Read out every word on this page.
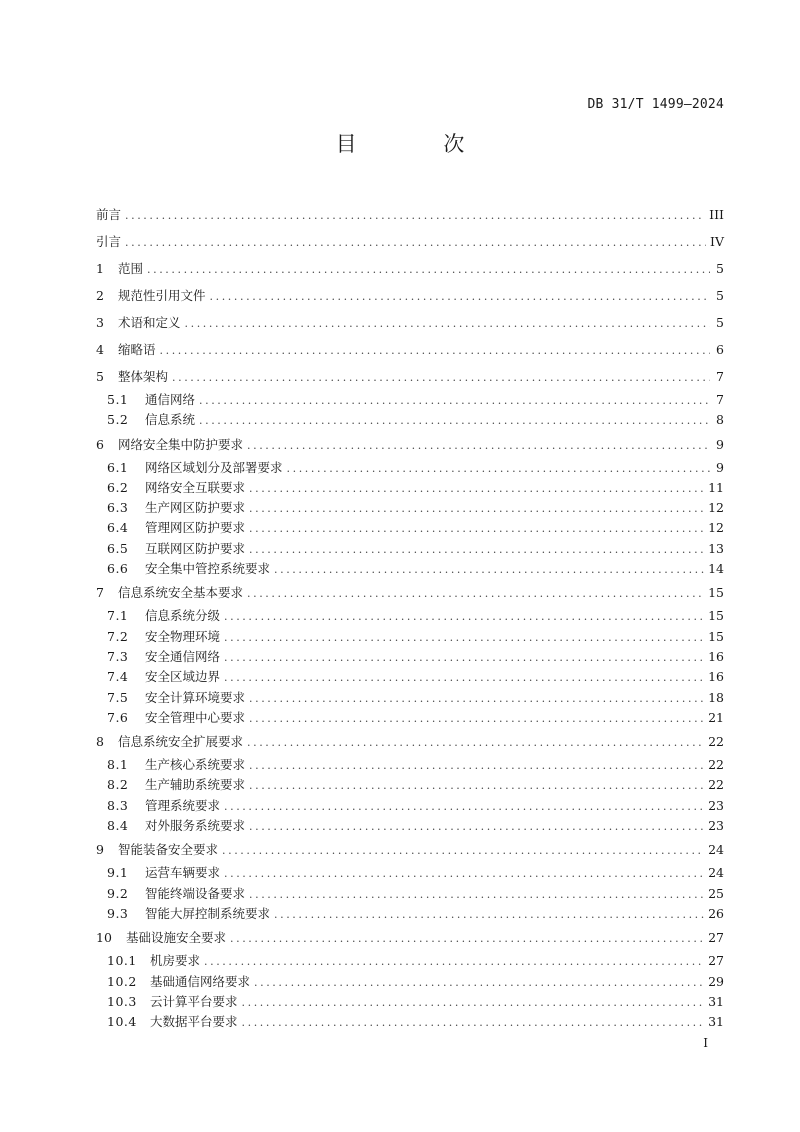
DB 31/T 1499—2024
目 次
前言 .....	III
引言 .....	IV
1	范围 .....	5
2	规范性引用文件 .....	5
3	术语和定义 .....	5
4	缩略语 .....	6
5	整体架构 .....	7
5.1	通信网络 .....	7
5.2	信息系统 .....	8
6	网络安全集中防护要求 .....	9
6.1	网络区域划分及部署要求 .....	9
6.2	网络安全互联要求 .....	11
6.3	生产网区防护要求 .....	12
6.4	管理网区防护要求 .....	12
6.5	互联网区防护要求 .....	13
6.6	安全集中管控系统要求 .....	14
7	信息系统安全基本要求 .....	15
7.1	信息系统分级 .....	15
7.2	安全物理环境 .....	15
7.3	安全通信网络 .....	16
7.4	安全区域边界 .....	16
7.5	安全计算环境要求 .....	18
7.6	安全管理中心要求 .....	21
8	信息系统安全扩展要求 .....	22
8.1	生产核心系统要求 .....	22
8.2	生产辅助系统要求 .....	22
8.3	管理系统要求 .....	23
8.4	对外服务系统要求 .....	23
9	智能装备安全要求 .....	24
9.1	运营车辆要求 .....	24
9.2	智能终端设备要求 .....	25
9.3	智能大屏控制系统要求 .....	26
10	基础设施安全要求 .....	27
10.1	机房要求 .....	27
10.2	基础通信网络要求 .....	29
10.3	云计算平台要求 .....	31
10.4	大数据平台要求 .....	31
I
